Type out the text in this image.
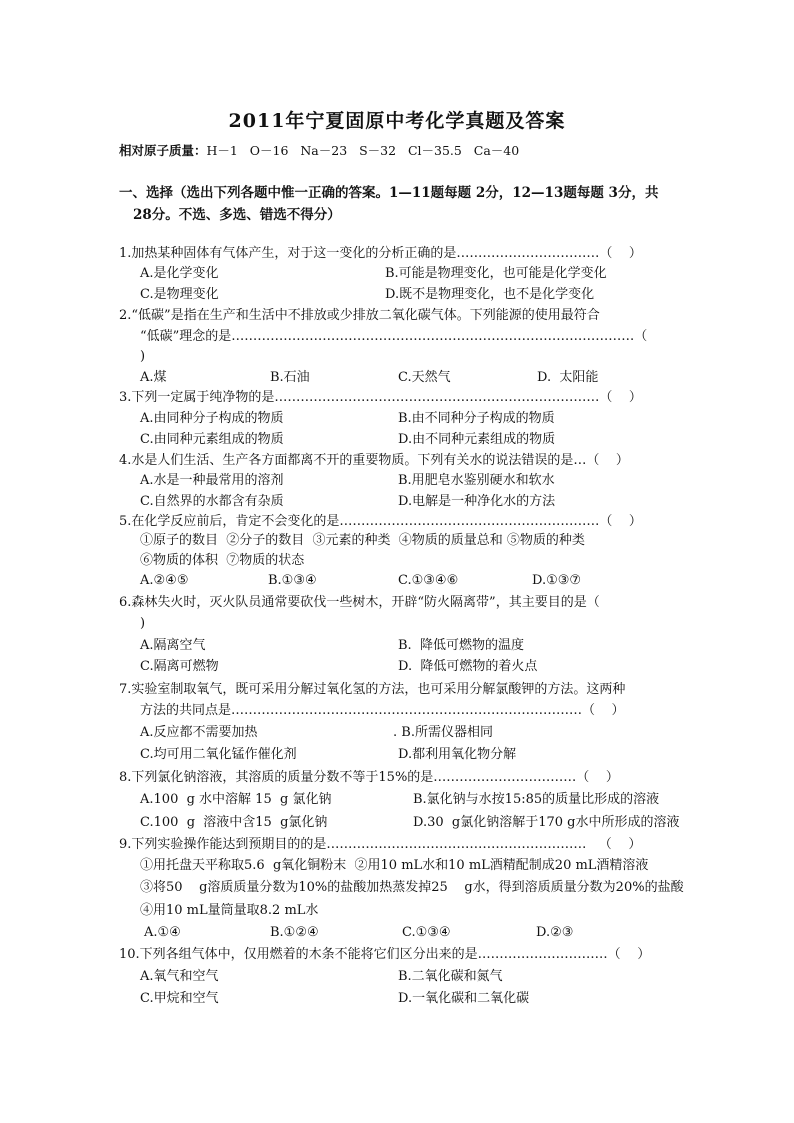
2011年宁夏固原中考化学真题及答案
相对原子质量：H－1   O－16   Na－23   S－32   Cl－35.5   Ca－40
一、选择（选出下列各题中惟一正确的答案。1—11题每题 2分，12—13题每题 3分，共
28分。不选、多选、错选不得分）
1.加热某种固体有气体产生，对于这一变化的分析正确的是……………………………（    ）
A.是化学变化	B.可能是物理变化，也可能是化学变化
C.是物理变化	D.既不是物理变化，也不是化学变化
2.“低碳”是指在生产和生活中不排放或少排放二氧化碳气体。下列能源的使用最符合
“低碳”理念的是…………………………………………………………………………………（
)
A.煤	B.石油	C.天然气	D.  太阳能
3.下列一定属于纯净物的是…………………………………………………………………（    ）
A.由同种分子构成的物质	B.由不同种分子构成的物质
C.由同种元素组成的物质	D.由不同种元素组成的物质
4.水是人们生活、生产各方面都离不开的重要物质。下列有关水的说法错误的是…（    ）
A.水是一种最常用的溶剂	B.用肥皂水鉴别硬水和软水
C.自然界的水都含有杂质	D.电解是一种净化水的方法
5.在化学反应前后，肯定不会变化的是……………………………………………………（    ）
①原子的数目  ②分子的数目  ③元素的种类  ④物质的质量总和 ⑤物质的种类
⑥物质的体积  ⑦物质的状态
A.②④⑤	B.①③④	C.①③④⑥	D.①③⑦
6.森林失火时，灭火队员通常要砍伐一些树木，开辟“防火隔离带”，其主要目的是（
)
A.隔离空气	B.  降低可燃物的温度
C.隔离可燃物	D.  降低可燃物的着火点
7.实验室制取氧气，既可采用分解过氧化氢的方法，也可采用分解氯酸钾的方法。这两种
方法的共同点是………………………………………………………………………（    ）
A.反应都不需要加热	. B.所需仪器相同
C.均可用二氧化锰作催化剂	D.都利用氧化物分解
8.下列氯化钠溶液，其溶质的质量分数不等于15%的是……………………………（    ）
A.100  g 水中溶解 15  g 氯化钠	B.氯化钠与水按15:85的质量比形成的溶液
C.100  g  溶液中含15  g氯化钠	D.30  g氯化钠溶解于170 g水中所形成的溶液
9.下列实验操作能达到预期目的的是……………………………………………………   （    ）
①用托盘天平称取5.6  g氧化铜粉末  ②用10 mL水和10 mL酒精配制成20 mL酒精溶液
③将50    g溶质质量分数为10%的盐酸加热蒸发掉25    g水，得到溶质质量分数为20%的盐酸
④用10 mL量筒量取8.2 mL水
A.①④	B.①②④	C.①③④	D.②③
10.下列各组气体中，仅用燃着的木条不能将它们区分出来的是…………………………（    ）
A.氧气和空气	B.二氧化碳和氮气
C.甲烷和空气	D.一氧化碳和二氧化碳
